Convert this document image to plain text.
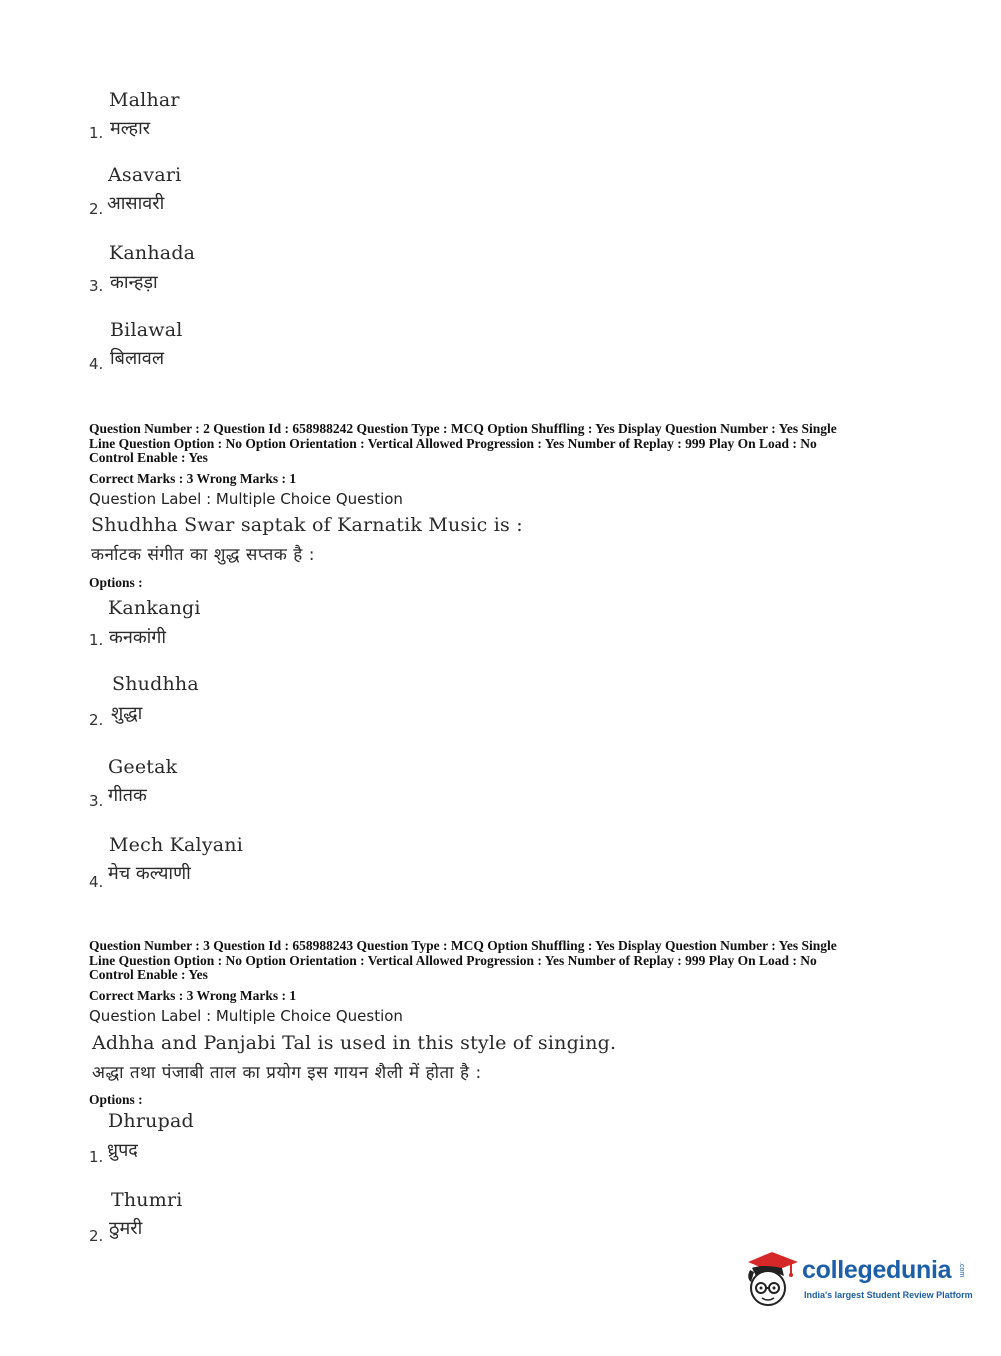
Malhar
1. मल्हार
Asavari
2. आसावरी
Kanhada
3. कान्हड़ा
Bilawal
4. बिलावल
Question Number : 2 Question Id : 658988242 Question Type : MCQ Option Shuffling : Yes Display Question Number : Yes Single
Line Question Option : No Option Orientation : Vertical Allowed Progression : Yes Number of Replay : 999 Play On Load : No
Control Enable : Yes
Correct Marks : 3 Wrong Marks : 1
Question Label : Multiple Choice Question
Shudhha Swar saptak of Karnatik Music is :
कर्नाटक संगीत का शुद्ध सप्तक है :
Options :
Kankangi
1. कनकांगी
Shudhha
2. शुद्धा
Geetak
3. गीतक
Mech Kalyani
4. मेच कल्याणी
Question Number : 3 Question Id : 658988243 Question Type : MCQ Option Shuffling : Yes Display Question Number : Yes Single
Line Question Option : No Option Orientation : Vertical Allowed Progression : Yes Number of Replay : 999 Play On Load : No
Control Enable : Yes
Correct Marks : 3 Wrong Marks : 1
Question Label : Multiple Choice Question
Adhha and Panjabi Tal is used in this style of singing.
अद्धा तथा पंजाबी ताल का प्रयोग इस गायन शैली में होता है :
Options :
Dhrupad
1. ध्रुपद
Thumri
2. ठुमरी
collegedunia .com
India's largest Student Review Platform
